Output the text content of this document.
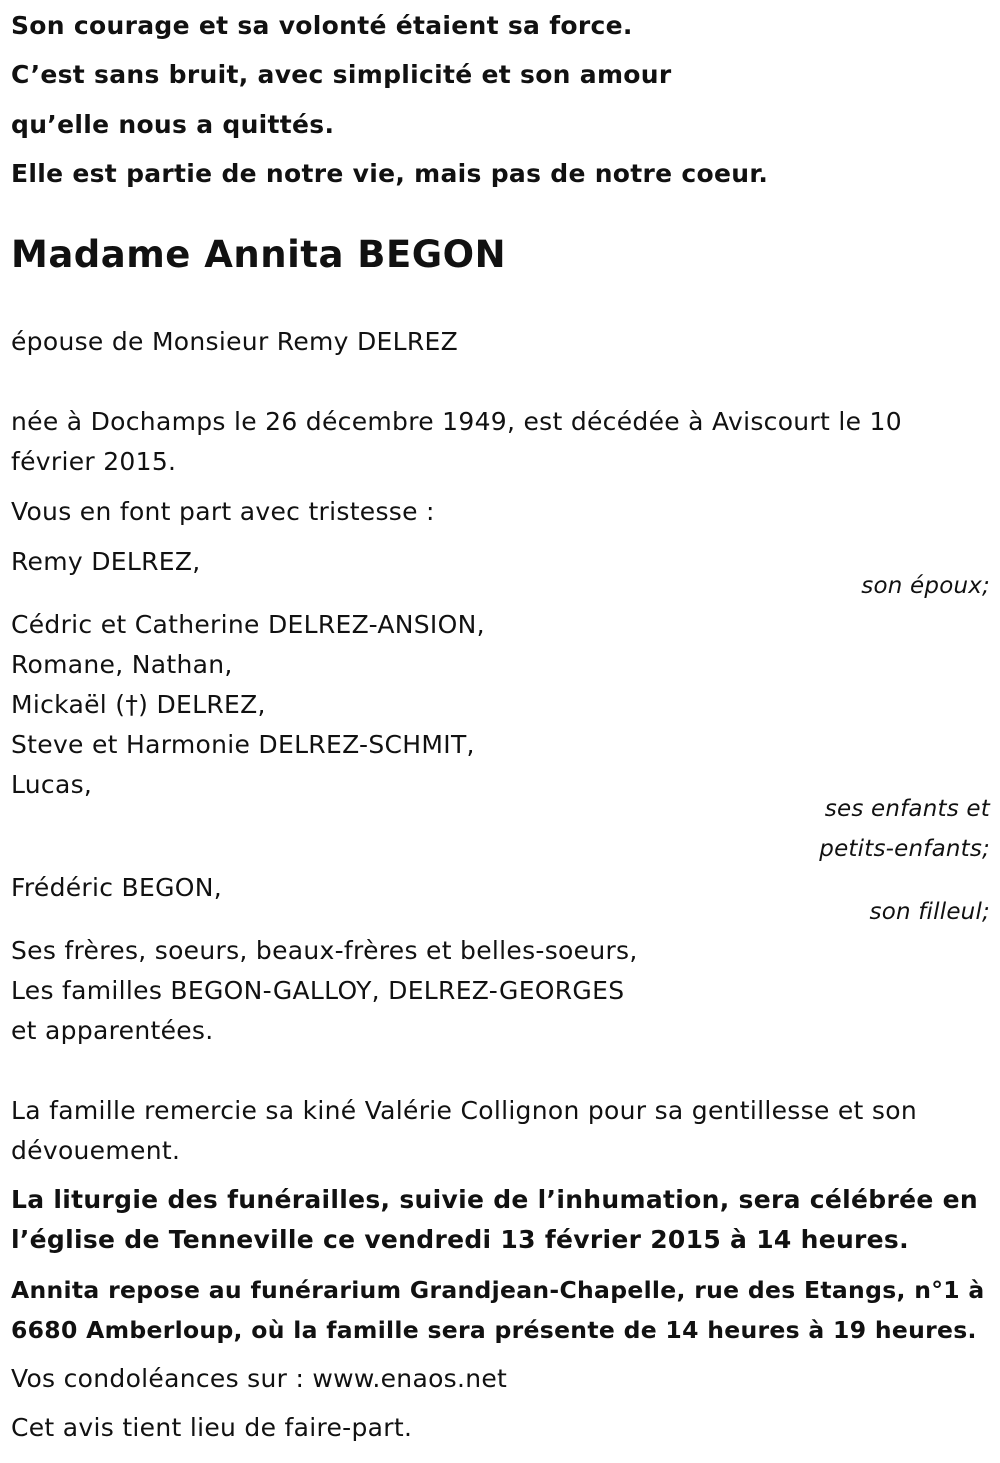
Son courage et sa volonté étaient sa force.

C’est sans bruit, avec simplicité et son amour

qu’elle nous a quittés.

Elle est partie de notre vie, mais pas de notre coeur.

Madame Annita BEGON

épouse de Monsieur Remy DELREZ

née à Dochamps le 26 décembre 1949, est décédée à Aviscourt le 10

février 2015.

Vous en font part avec tristesse :

Remy DELREZ,

son époux;

Cédric et Catherine DELREZ-ANSION,

Romane, Nathan,

Mickaël (†) DELREZ,

Steve et Harmonie DELREZ-SCHMIT,

Lucas,

ses enfants et

petits-enfants;

Frédéric BEGON,

son filleul;

Ses frères, soeurs, beaux-frères et belles-soeurs,

Les familles BEGON-GALLOY, DELREZ-GEORGES

et apparentées.

La famille remercie sa kiné Valérie Collignon pour sa gentillesse et son

dévouement.

La liturgie des funérailles, suivie de l’inhumation, sera célébrée en

l’église de Tenneville ce vendredi 13 février 2015 à 14 heures.

Annita repose au funérarium Grandjean-Chapelle, rue des Etangs, n°1 à

6680 Amberloup, où la famille sera présente de 14 heures à 19 heures.

Vos condoléances sur : www.enaos.net

Cet avis tient lieu de faire-part.
